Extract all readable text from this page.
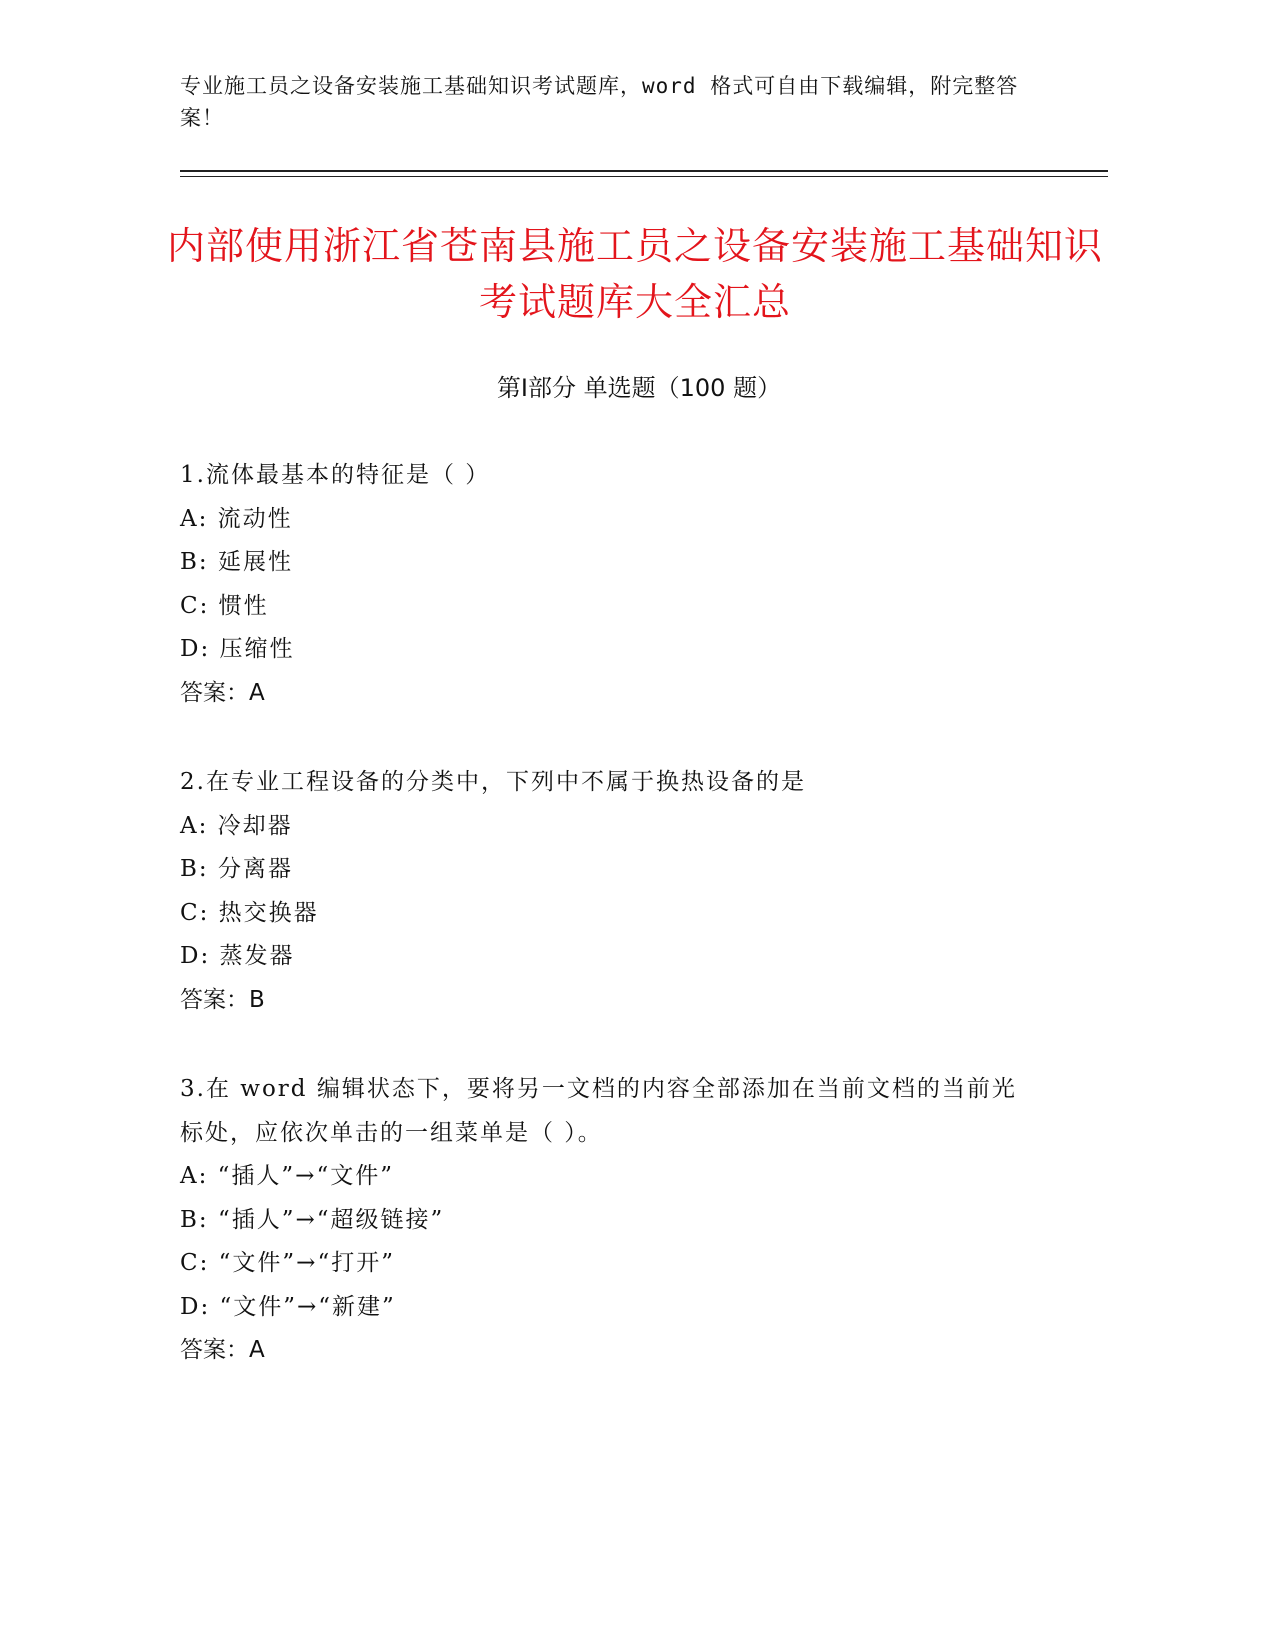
专业施工员之设备安装施工基础知识考试题库，word 格式可自由下载编辑，附完整答案！
内部使用浙江省苍南县施工员之设备安装施工基础知识考试题库大全汇总
第Ⅰ部分 单选题（100 题）
1.流体最基本的特征是（ ）
A: 流动性
B: 延展性
C: 惯性
D: 压缩性
答案：A
2.在专业工程设备的分类中，下列中不属于换热设备的是
A: 冷却器
B: 分离器
C: 热交换器
D: 蒸发器
答案：B
3.在 word 编辑状态下，要将另一文档的内容全部添加在当前文档的当前光标处，应依次单击的一组菜单是（ ）。
A: “插人”→“文件”
B: “插人”→“超级链接”
C: “文件”→“打开”
D: “文件”→“新建”
答案：A
